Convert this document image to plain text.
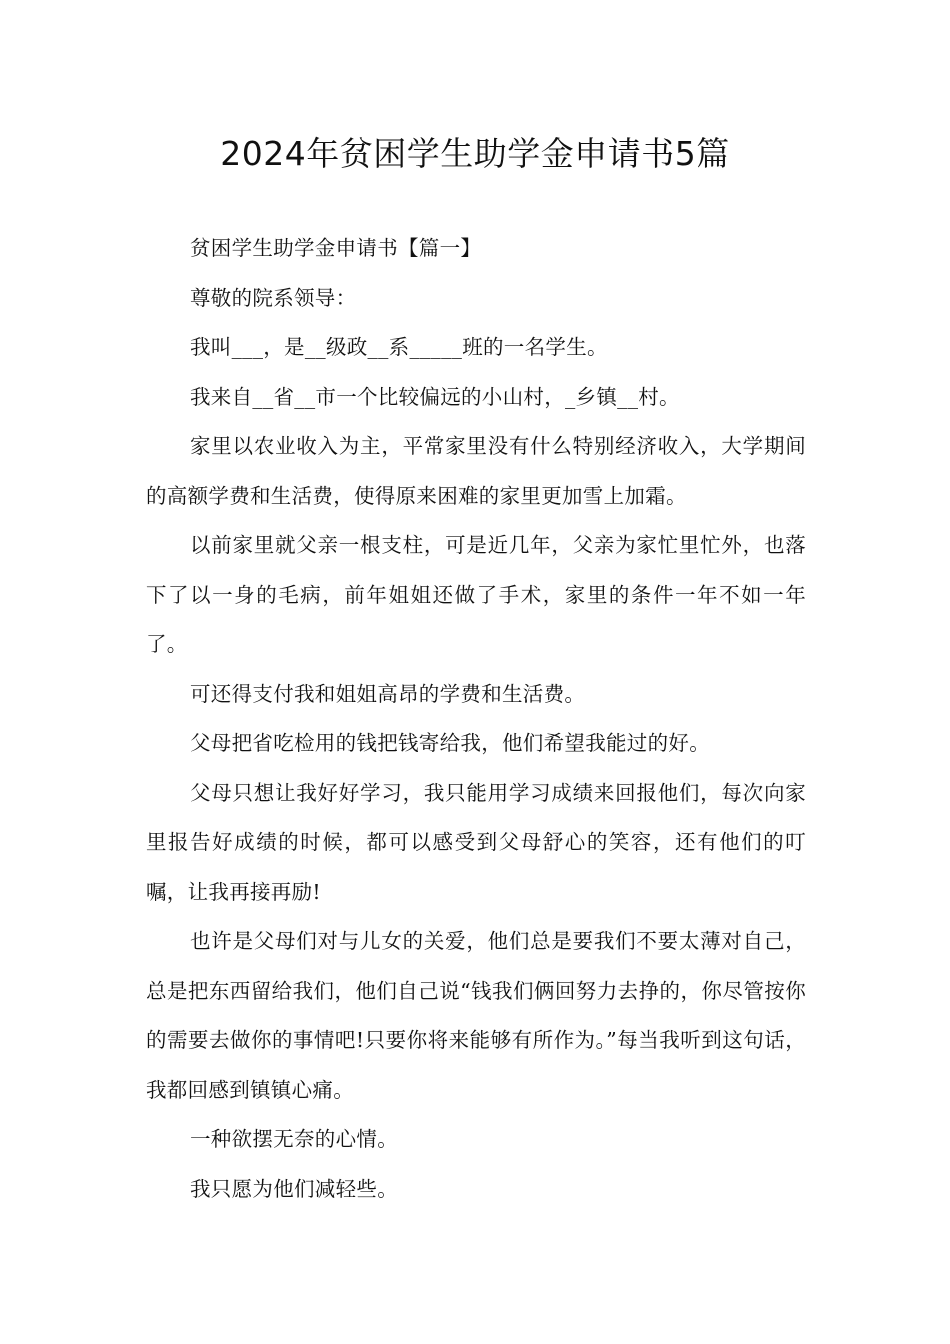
2024年贫困学生助学金申请书5篇

贫困学生助学金申请书【篇一】

尊敬的院系领导：

我叫___，是__级政__系_____班的一名学生。

我来自__省__市一个比较偏远的小山村，_乡镇__村。

家里以农业收入为主，平常家里没有什么特别经济收入，大学期间的高额学费和生活费，使得原来困难的家里更加雪上加霜。

以前家里就父亲一根支柱，可是近几年，父亲为家忙里忙外，也落下了以一身的毛病，前年姐姐还做了手术，家里的条件一年不如一年了。

可还得支付我和姐姐高昂的学费和生活费。

父母把省吃检用的钱把钱寄给我，他们希望我能过的好。

父母只想让我好好学习，我只能用学习成绩来回报他们，每次向家里报告好成绩的时候，都可以感受到父母舒心的笑容，还有他们的叮嘱，让我再接再励!

也许是父母们对与儿女的关爱，他们总是要我们不要太薄对自己，总是把东西留给我们，他们自己说“钱我们俩回努力去挣的，你尽管按你的需要去做你的事情吧!只要你将来能够有所作为。”每当我听到这句话，我都回感到镇镇心痛。

一种欲摆无奈的心情。

我只愿为他们减轻些。
